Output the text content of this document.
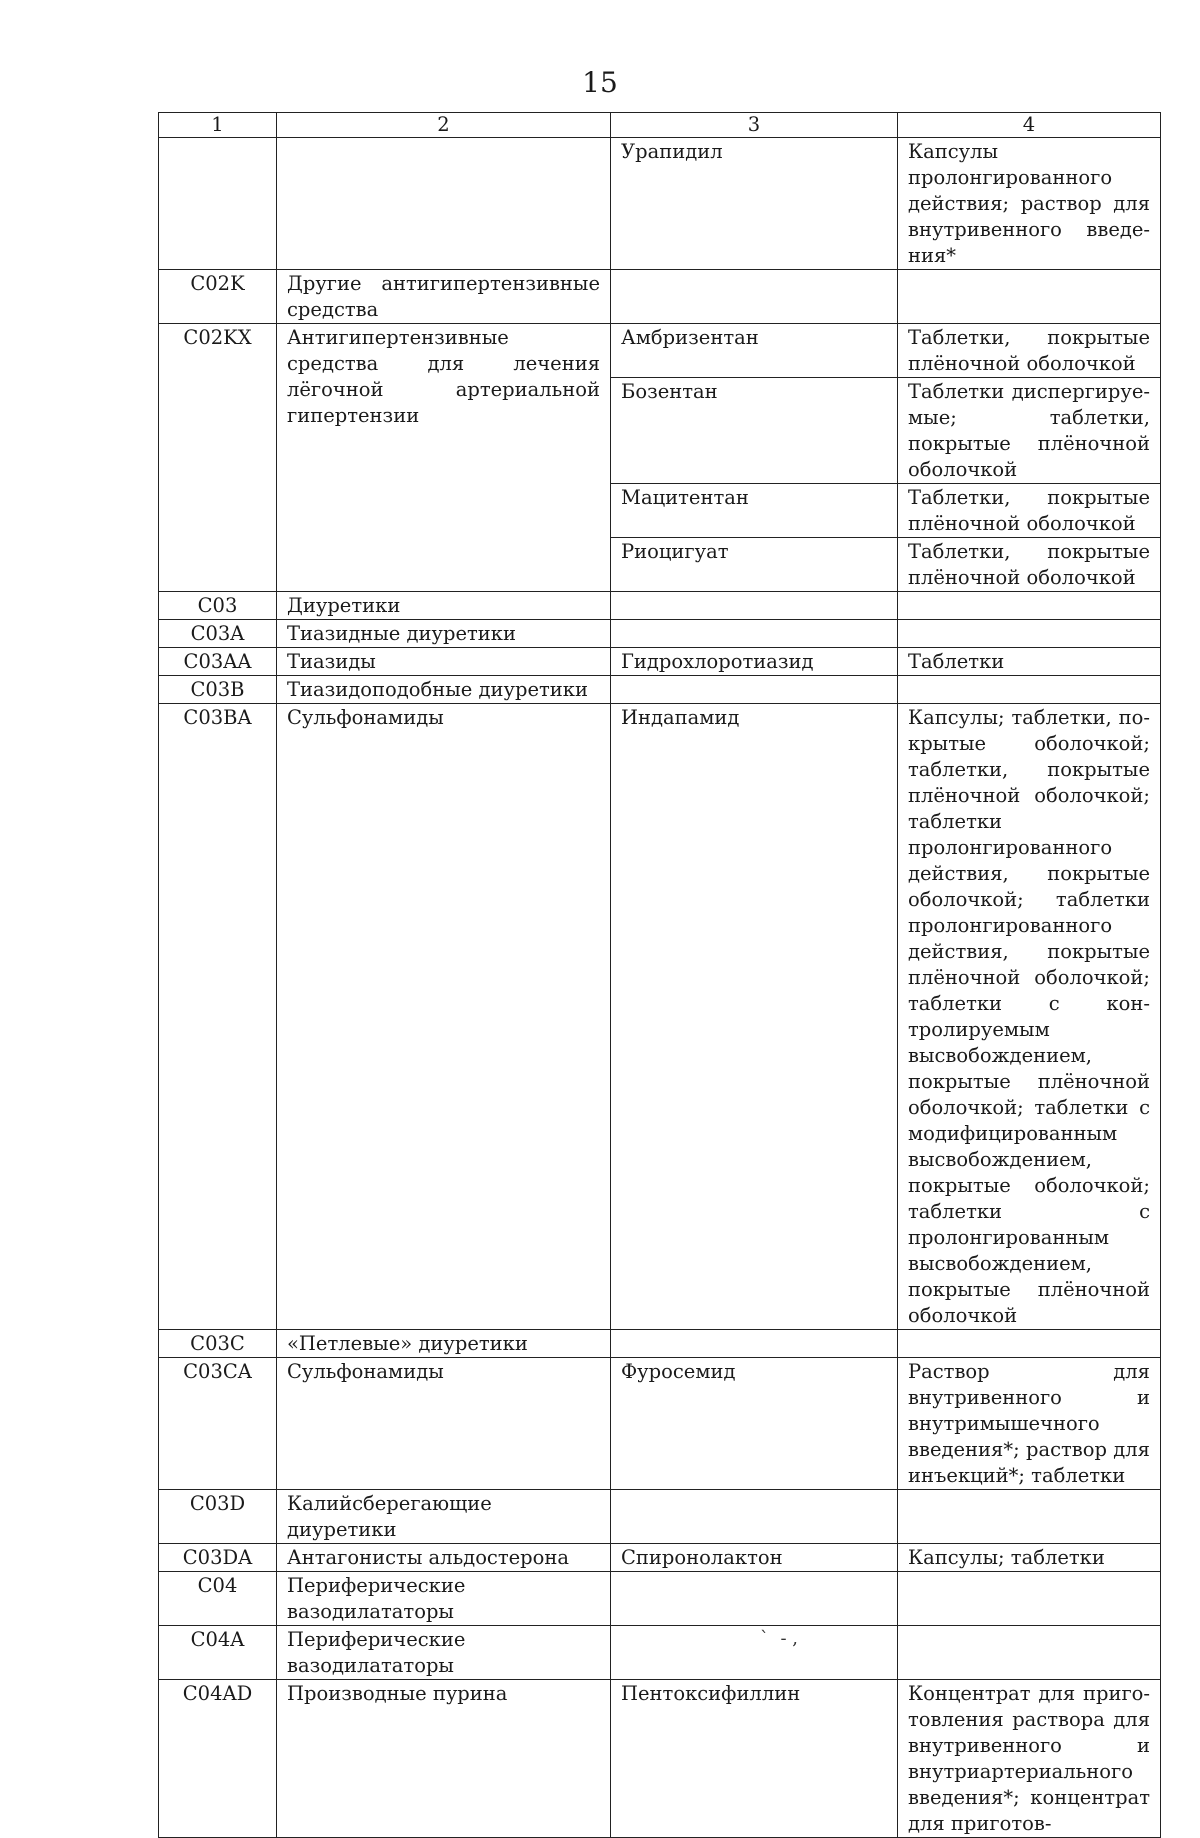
15
1	2	3	4
		Урапидил	Капсулы пролонгированного действия; раствор для внутривенного введения*
C02K	Другие антигипертензивные средства		
C02KX	Антигипертензивные средства для лечения лёгочной артериальной гипертензии	Амбризентан	Таблетки, покрытые плёночной оболочкой
		Бозентан	Таблетки диспергируемые; таблетки, покрытые плёночной оболочкой
		Мацитентан	Таблетки, покрытые плёночной оболочкой
		Риоцигуат	Таблетки, покрытые плёночной оболочкой
C03	Диуретики		
C03A	Тиазидные диуретики		
C03AA	Тиазиды	Гидрохлоротиазид	Таблетки
C03B	Тиазидоподобные диуретики		
C03BA	Сульфонамиды	Индапамид	Капсулы; таблетки, покрытые оболочкой; таблетки, покрытые плёночной оболочкой; таблетки пролонгированного действия, покрытые оболочкой; таблетки пролонгированного действия, покрытые плёночной оболочкой; таблетки с контролируемым высвобождением, покрытые плёночной оболочкой; таблетки с модифицированным высвобождением, покрытые оболочкой; таблетки с пролонгированным высвобождением, покрытые плёночной оболочкой
C03C	«Петлевые» диуретики		
C03CA	Сульфонамиды	Фуросемид	Раствор для внутривенного и внутримышечного введения*; раствор для инъекций*; таблетки
C03D	Калийсберегающие диуретики		
C03DA	Антагонисты альдостерона	Спиронолактон	Капсулы; таблетки
C04	Периферические вазодилататоры		
C04A	Периферические вазодилататоры		
C04AD	Производные пурина	Пентоксифиллин	Концентрат для приготовления раствора для внутривенного и внутриартериального введения*; концентрат для приготов-
`  - ,
